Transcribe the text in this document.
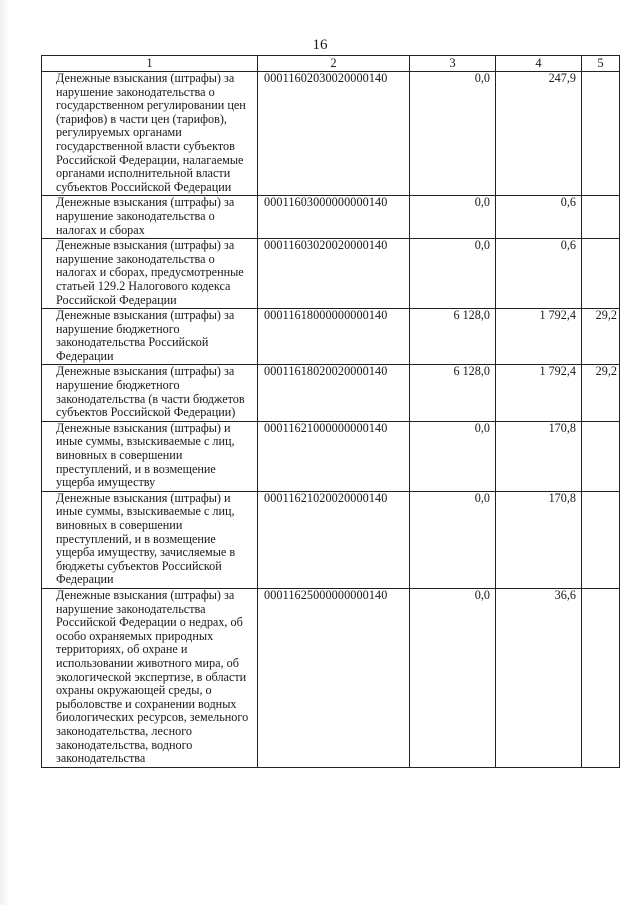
16
1	2	3	4	5
Денежные взыскания (штрафы) за нарушение законодательства о государственном регулировании цен (тарифов) в части цен (тарифов), регулируемых органами государственной власти субъектов Российской Федерации, налагаемые органами исполнительной власти субъектов Российской Федерации	00011602030020000140	0,0	247,9	
Денежные взыскания (штрафы) за нарушение законодательства о налогах и сборах	00011603000000000140	0,0	0,6	
Денежные взыскания (штрафы) за нарушение законодательства о налогах и сборах, предусмотренные статьей 129.2 Налогового кодекса Российской Федерации	00011603020020000140	0,0	0,6	
Денежные взыскания (штрафы) за нарушение бюджетного законодательства Российской Федерации	00011618000000000140	6 128,0	1 792,4	29,2
Денежные взыскания (штрафы) за нарушение бюджетного законодательства (в части бюджетов субъектов Российской Федерации)	00011618020020000140	6 128,0	1 792,4	29,2
Денежные взыскания (штрафы) и иные суммы, взыскиваемые с лиц, виновных в совершении преступлений, и в возмещение ущерба имуществу	00011621000000000140	0,0	170,8	
Денежные взыскания (штрафы) и иные суммы, взыскиваемые с лиц, виновных в совершении преступлений, и в возмещение ущерба имуществу, зачисляемые в бюджеты субъектов Российской Федерации	00011621020020000140	0,0	170,8	
Денежные взыскания (штрафы) за нарушение законодательства Российской Федерации о недрах, об особо охраняемых природных территориях, об охране и использовании животного мира, об экологической экспертизе, в области охраны окружающей среды, о рыболовстве и сохранении водных биологических ресурсов, земельного законодательства, лесного законодательства, водного законодательства	00011625000000000140	0,0	36,6	
